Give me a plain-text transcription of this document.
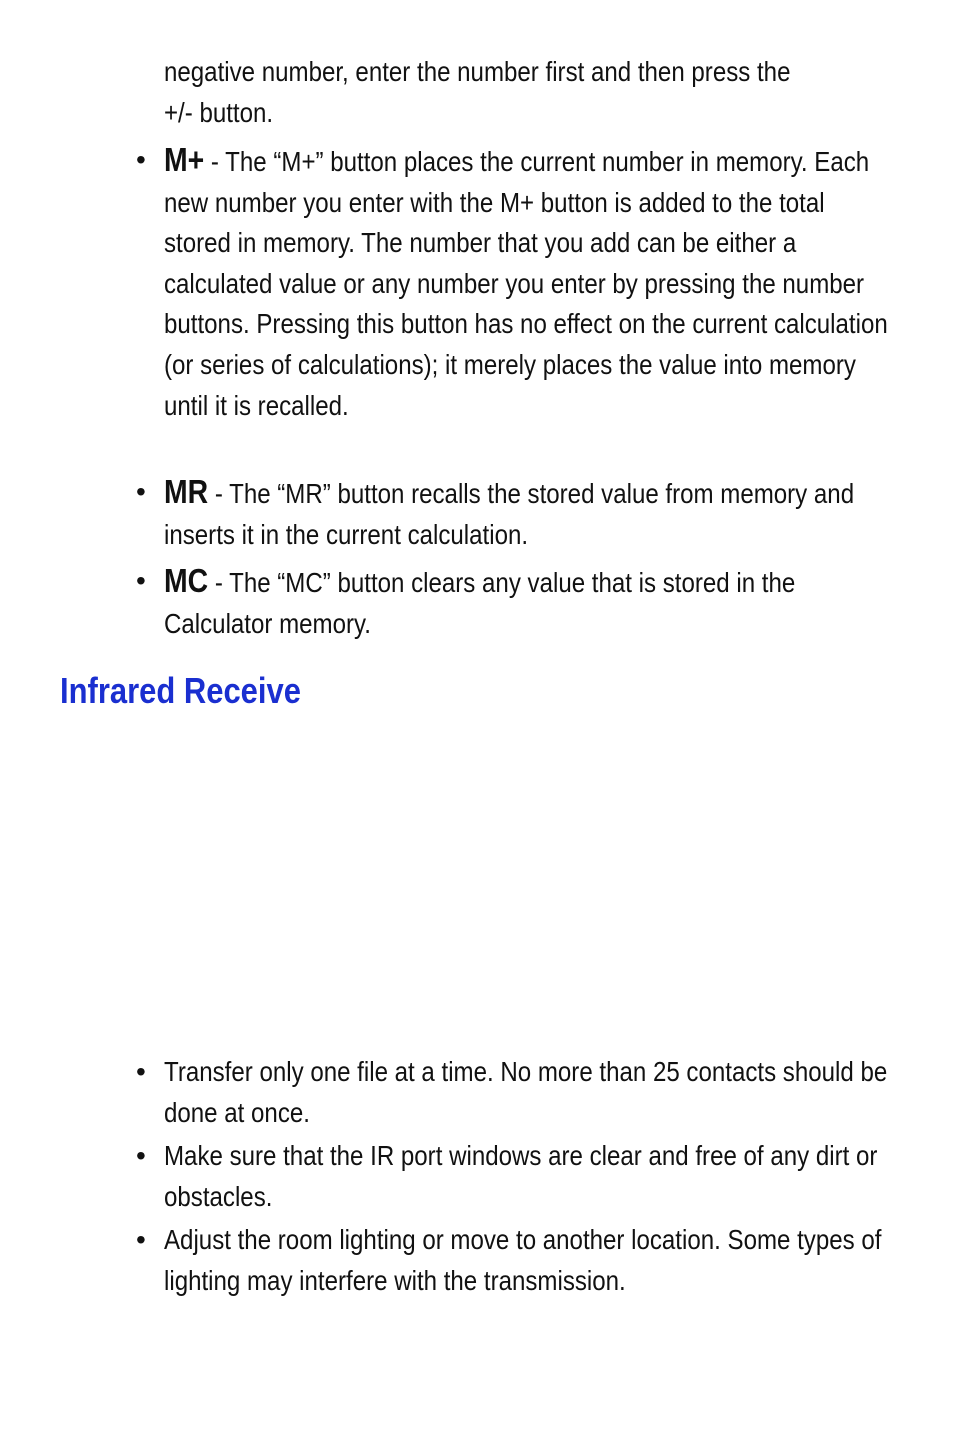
negative number, enter the number first and then press the +/- button.
• M+ - The “M+” button places the current number in memory. Each new number you enter with the M+ button is added to the total stored in memory. The number that you add can be either a calculated value or any number you enter by pressing the number buttons. Pressing this button has no effect on the current calculation (or series of calculations); it merely places the value into memory until it is recalled.
• MR - The “MR” button recalls the stored value from memory and inserts it in the current calculation.
• MC - The “MC” button clears any value that is stored in the Calculator memory.
Infrared Receive
• Transfer only one file at a time. No more than 25 contacts should be done at once.
• Make sure that the IR port windows are clear and free of any dirt or obstacles.
• Adjust the room lighting or move to another location. Some types of lighting may interfere with the transmission.
